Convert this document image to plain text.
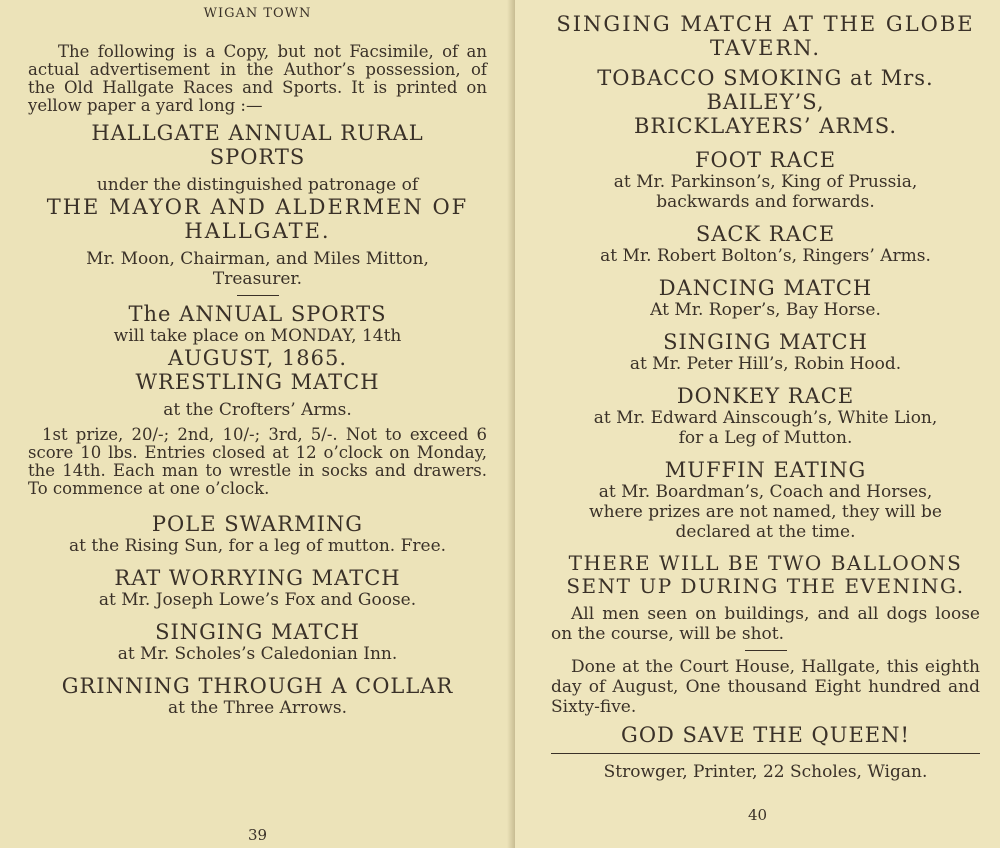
WIGAN TOWN

The following is a Copy, but not Facsimile, of an actual advertisement in the Author’s possession, of the Old Hallgate Races and Sports. It is printed on yellow paper a yard long :—

HALLGATE ANNUAL RURAL

SPORTS

under the distinguished patronage of

THE MAYOR AND ALDERMEN OF

HALLGATE.

Mr. Moon, Chairman, and Miles Mitton, Treasurer.

The ANNUAL SPORTS

will take place on MONDAY, 14th

AUGUST, 1865.

WRESTLING MATCH

at the Crofters’ Arms.

1st prize, 20/-; 2nd, 10/-; 3rd, 5/-. Not to exceed 6 score 10 lbs. Entries closed at 12 o’clock on Monday, the 14th. Each man to wrestle in socks and drawers. To commence at one o’clock.

POLE SWARMING

at the Rising Sun, for a leg of mutton. Free.

RAT WORRYING MATCH

at Mr. Joseph Lowe’s Fox and Goose.

SINGING MATCH

at Mr. Scholes’s Caledonian Inn.

GRINNING THROUGH A COLLAR

at the Three Arrows.

39

SINGING MATCH AT THE GLOBE

TAVERN.

TOBACCO SMOKING at Mrs. BAILEY’S,

BRICKLAYERS’ ARMS.

FOOT RACE

at Mr. Parkinson’s, King of Prussia, backwards and forwards.

SACK RACE

at Mr. Robert Bolton’s, Ringers’ Arms.

DANCING MATCH

At Mr. Roper’s, Bay Horse.

SINGING MATCH

at Mr. Peter Hill’s, Robin Hood.

DONKEY RACE

at Mr. Edward Ainscough’s, White Lion, for a Leg of Mutton.

MUFFIN EATING

at Mr. Boardman’s, Coach and Horses, where prizes are not named, they will be declared at the time.

THERE WILL BE TWO BALLOONS

SENT UP DURING THE EVENING.

All men seen on buildings, and all dogs loose on the course, will be shot.

Done at the Court House, Hallgate, this eighth day of August, One thousand Eight hundred and Sixty-five.

GOD SAVE THE QUEEN!

Strowger, Printer, 22 Scholes, Wigan.

40
